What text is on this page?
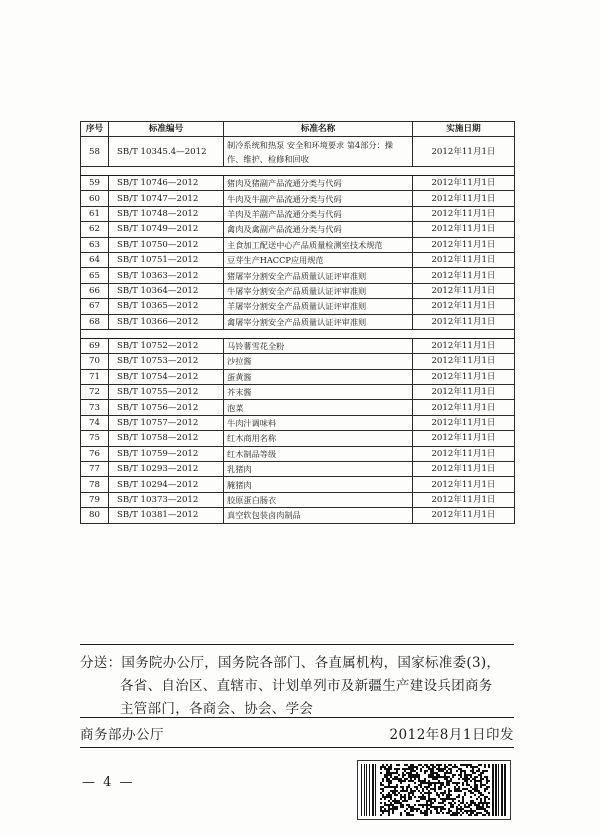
序号	标准编号	标准名称	实施日期
58	SB/T 10345.4—2012	制冷系统和热泵 安全和环境要求 第4部分：操作、维护、检修和回收	2012年11月1日

59	SB/T 10746—2012	猪肉及猪副产品流通分类与代码	2012年11月1日
60	SB/T 10747—2012	牛肉及牛副产品流通分类与代码	2012年11月1日
61	SB/T 10748—2012	羊肉及羊副产品流通分类与代码	2012年11月1日
62	SB/T 10749—2012	禽肉及禽副产品流通分类与代码	2012年11月1日
63	SB/T 10750—2012	主食加工配送中心产品质量检测室技术规范	2012年11月1日
64	SB/T 10751—2012	豆芽生产HACCP应用规范	2012年11月1日
65	SB/T 10363—2012	猪屠宰分割安全产品质量认证评审准则	2012年11月1日
66	SB/T 10364—2012	牛屠宰分割安全产品质量认证评审准则	2012年11月1日
67	SB/T 10365—2012	羊屠宰分割安全产品质量认证评审准则	2012年11月1日
68	SB/T 10366—2012	禽屠宰分割安全产品质量认证评审准则	2012年11月1日

69	SB/T 10752—2012	马铃薯雪花全粉	2012年11月1日
70	SB/T 10753—2012	沙拉酱	2012年11月1日
71	SB/T 10754—2012	蛋黄酱	2012年11月1日
72	SB/T 10755—2012	芥末酱	2012年11月1日
73	SB/T 10756—2012	泡菜	2012年11月1日
74	SB/T 10757—2012	牛肉汁调味料	2012年11月1日
75	SB/T 10758—2012	红木商用名称	2012年11月1日
76	SB/T 10759—2012	红木制品等级	2012年11月1日
77	SB/T 10293—2012	乳猪肉	2012年11月1日
78	SB/T 10294—2012	腌猪肉	2012年11月1日
79	SB/T 10373—2012	胶原蛋白肠衣	2012年11月1日
80	SB/T 10381—2012	真空软包装卤肉制品	2012年11月1日
分送：国务院办公厅，国务院各部门、各直属机构，国家标准委(3)，
各省、自治区、直辖市、计划单列市及新疆生产建设兵团商务
主管部门，各商会、协会、学会
商务部办公厅	2012年8月1日印发
— 4 —
